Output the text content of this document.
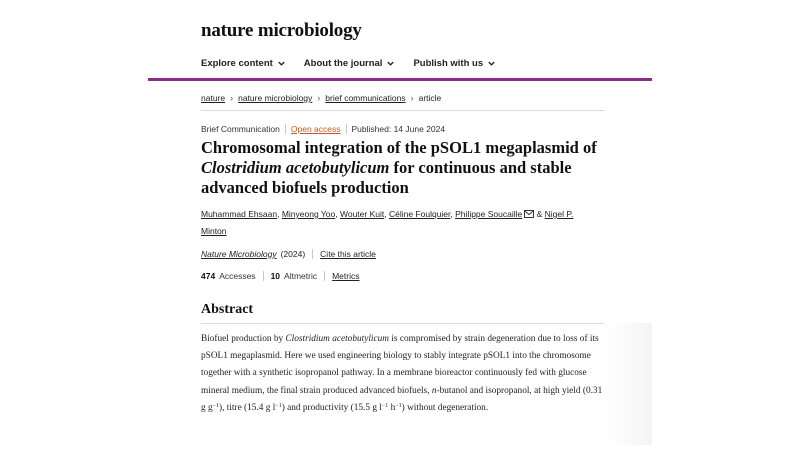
nature microbiology
Explore content	About the journal	Publish with us
nature › nature microbiology › brief communications › article
Brief Communication Open access Published: 14 June 2024
Chromosomal integration of the pSOL1 megaplasmid of Clostridium acetobutylicum for continuous and stable advanced biofuels production
Muhammad Ehsaan, Minyeong Yoo, Wouter Kuit, Céline Foulquier, Philippe Soucaille & Nigel P. Minton
Nature Microbiology (2024) Cite this article
474 Accesses 10 Altmetric Metrics
Abstract

Biofuel production by Clostridium acetobutylicum is compromised by strain degeneration due to loss of its pSOL1 megaplasmid. Here we used engineering biology to stably integrate pSOL1 into the chromosome together with a synthetic isopropanol pathway. In a membrane bioreactor continuously fed with glucose mineral medium, the final strain produced advanced biofuels, n-butanol and isopropanol, at high yield (0.31 g $g^{-1}$), titre (15.4 g $l^{-1}$) and productivity (15.5 g $l^{-1}$ $h^{-1}$) without degeneration.
